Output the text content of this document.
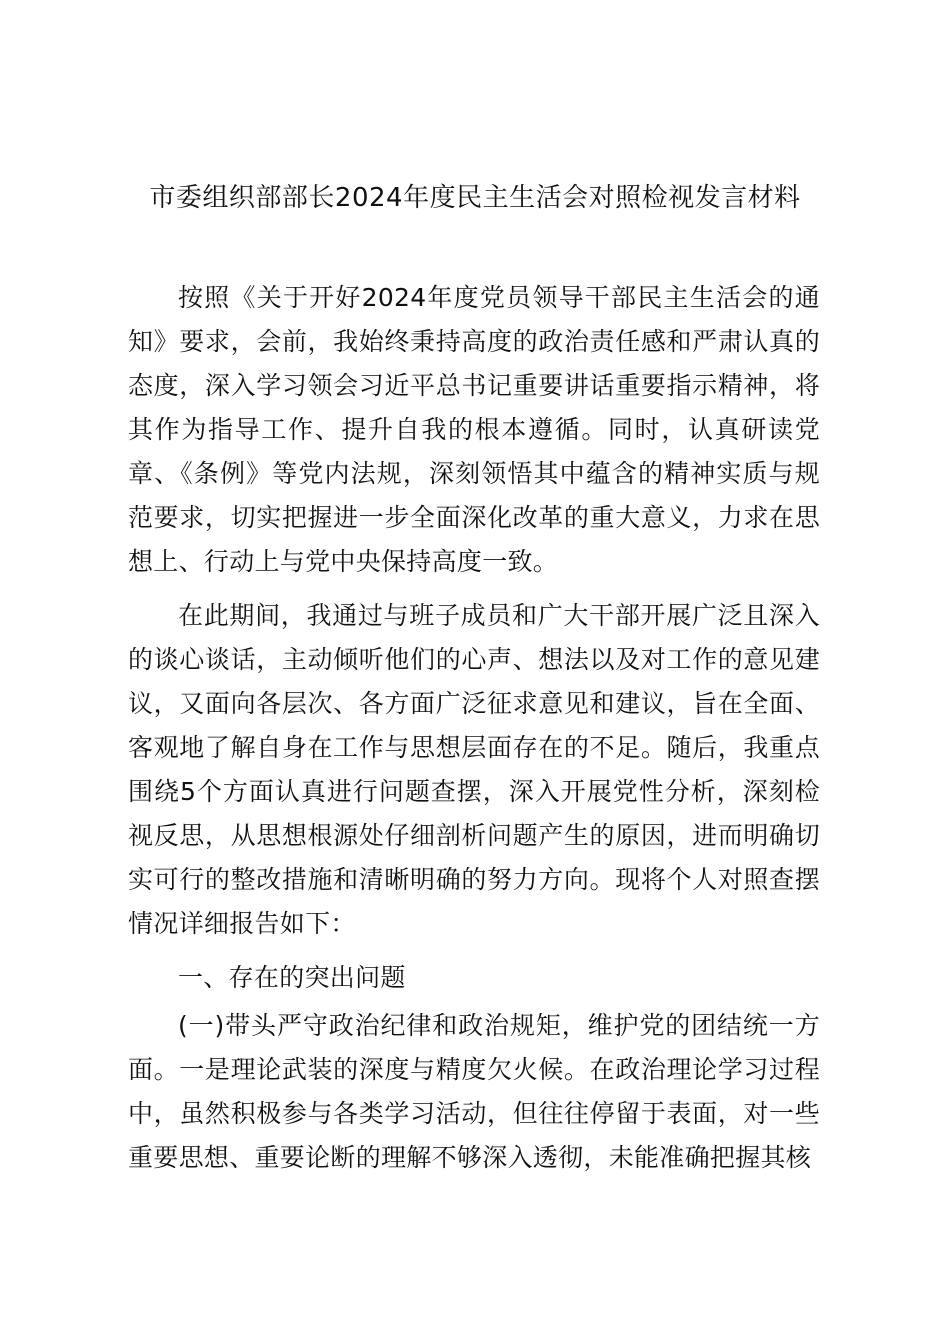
市委组织部部长2024年度民主生活会对照检视发言材料

按照《关于开好2024年度党员领导干部民主生活会的通知》要求，会前，我始终秉持高度的政治责任感和严肃认真的态度，深入学习领会习近平总书记重要讲话重要指示精神，将其作为指导工作、提升自我的根本遵循。同时，认真研读党章、《条例》等党内法规，深刻领悟其中蕴含的精神实质与规范要求，切实把握进一步全面深化改革的重大意义，力求在思想上、行动上与党中央保持高度一致。

在此期间，我通过与班子成员和广大干部开展广泛且深入的谈心谈话，主动倾听他们的心声、想法以及对工作的意见建议，又面向各层次、各方面广泛征求意见和建议，旨在全面、客观地了解自身在工作与思想层面存在的不足。随后，我重点围绕5个方面认真进行问题查摆，深入开展党性分析，深刻检视反思，从思想根源处仔细剖析问题产生的原因，进而明确切实可行的整改措施和清晰明确的努力方向。现将个人对照查摆情况详细报告如下：

一、存在的突出问题

(一)带头严守政治纪律和政治规矩，维护党的团结统一方面。一是理论武装的深度与精度欠火候。在政治理论学习过程中，虽然积极参与各类学习活动，但往往停留于表面，对一些重要思想、重要论断的理解不够深入透彻，未能准确把握其核
